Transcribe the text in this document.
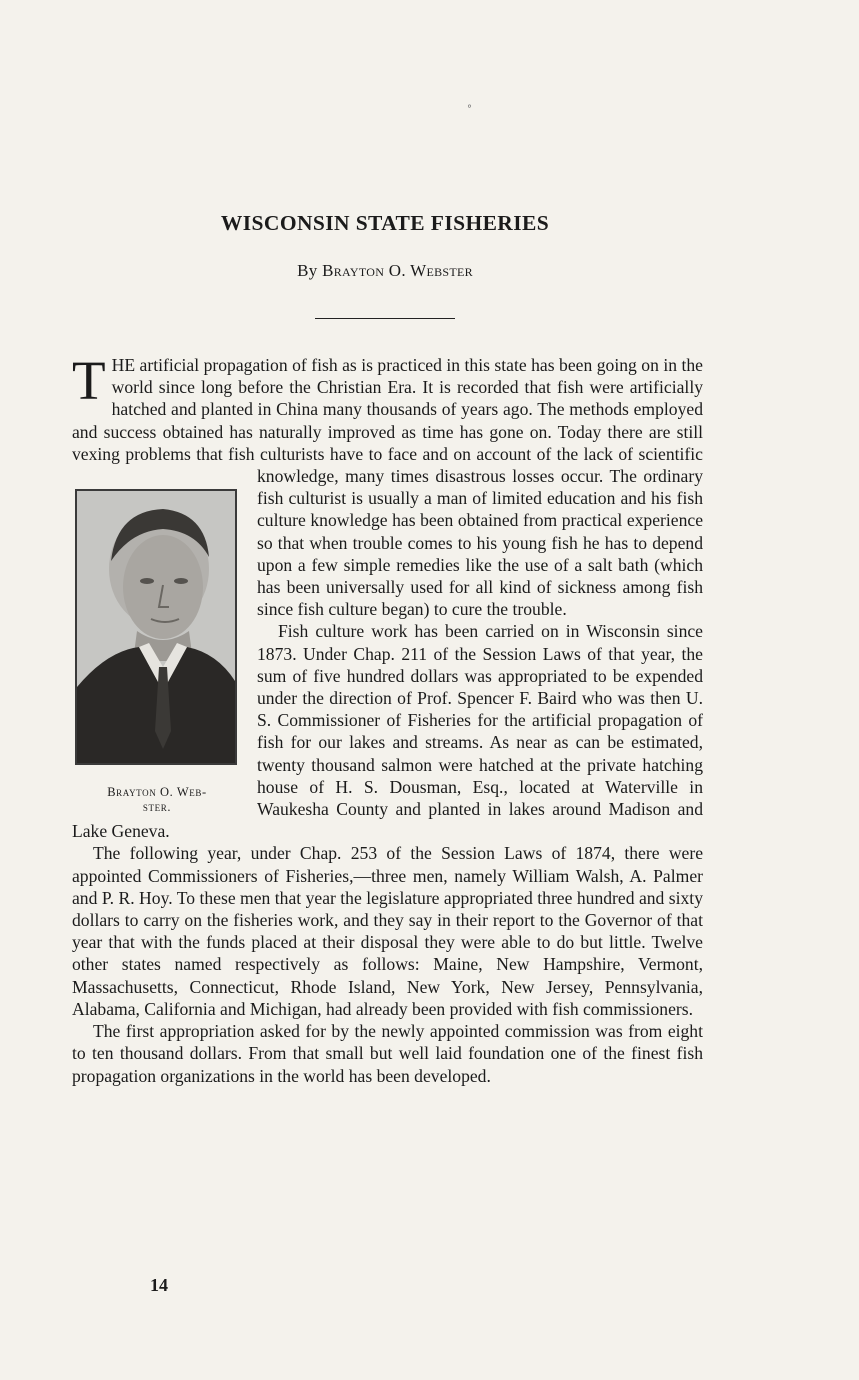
°
WISCONSIN STATE FISHERIES
By Brayton O. Webster

T HE artificial propagation of fish as is practiced in this state has been going on in the world since long before the Christian Era. It is recorded that fish were artificially hatched and planted in China many thousands of years ago. The methods employed and success obtained has naturally improved as time has gone on. Today there are still vexing problems that fish culturists have to face and on account of the lack of scientific knowledge, many times
Brayton O. Web-
ster.
disastrous losses occur. The ordinary fish culturist is usually a man of limited education and his fish culture knowledge has been obtained from practical experience so that when trouble comes to his young fish he has to depend upon a few simple remedies like the use of a salt bath (which has been universally used for all kind of sickness among fish since fish culture began) to cure the trouble.

Fish culture work has been carried on in Wisconsin since 1873. Under Chap. 211 of the Session Laws of that year, the sum of five hundred dollars was appropriated to be expended under the direction of Prof. Spencer F. Baird who was then U. S. Commissioner of Fisheries for the artificial propagation of fish for our lakes and streams. As near as can be estimated, twenty thousand salmon were hatched at the private hatching house of H. S. Dousman, Esq., located at Waterville in Waukesha County and planted in lakes around Madison and Lake Geneva.

The following year, under Chap. 253 of the Session Laws of 1874, there were appointed Commissioners of Fisheries,—three men, namely William Walsh, A. Palmer and P. R. Hoy. To these men that year the legislature appropriated three hundred and sixty dollars to carry on the fisheries work, and they say in their report to the Governor of that year that with the funds placed at their disposal they were able to do but little. Twelve other states named respectively as follows: Maine, New Hampshire, Vermont, Massachusetts, Connecticut, Rhode Island, New York, New Jersey, Pennsylvania, Alabama, California and Michigan, had already been provided with fish commissioners.

The first appropriation asked for by the newly appointed commission was from eight to ten thousand dollars. From that small but well laid foundation one of the finest fish propagation organizations in the world has been developed.

14
